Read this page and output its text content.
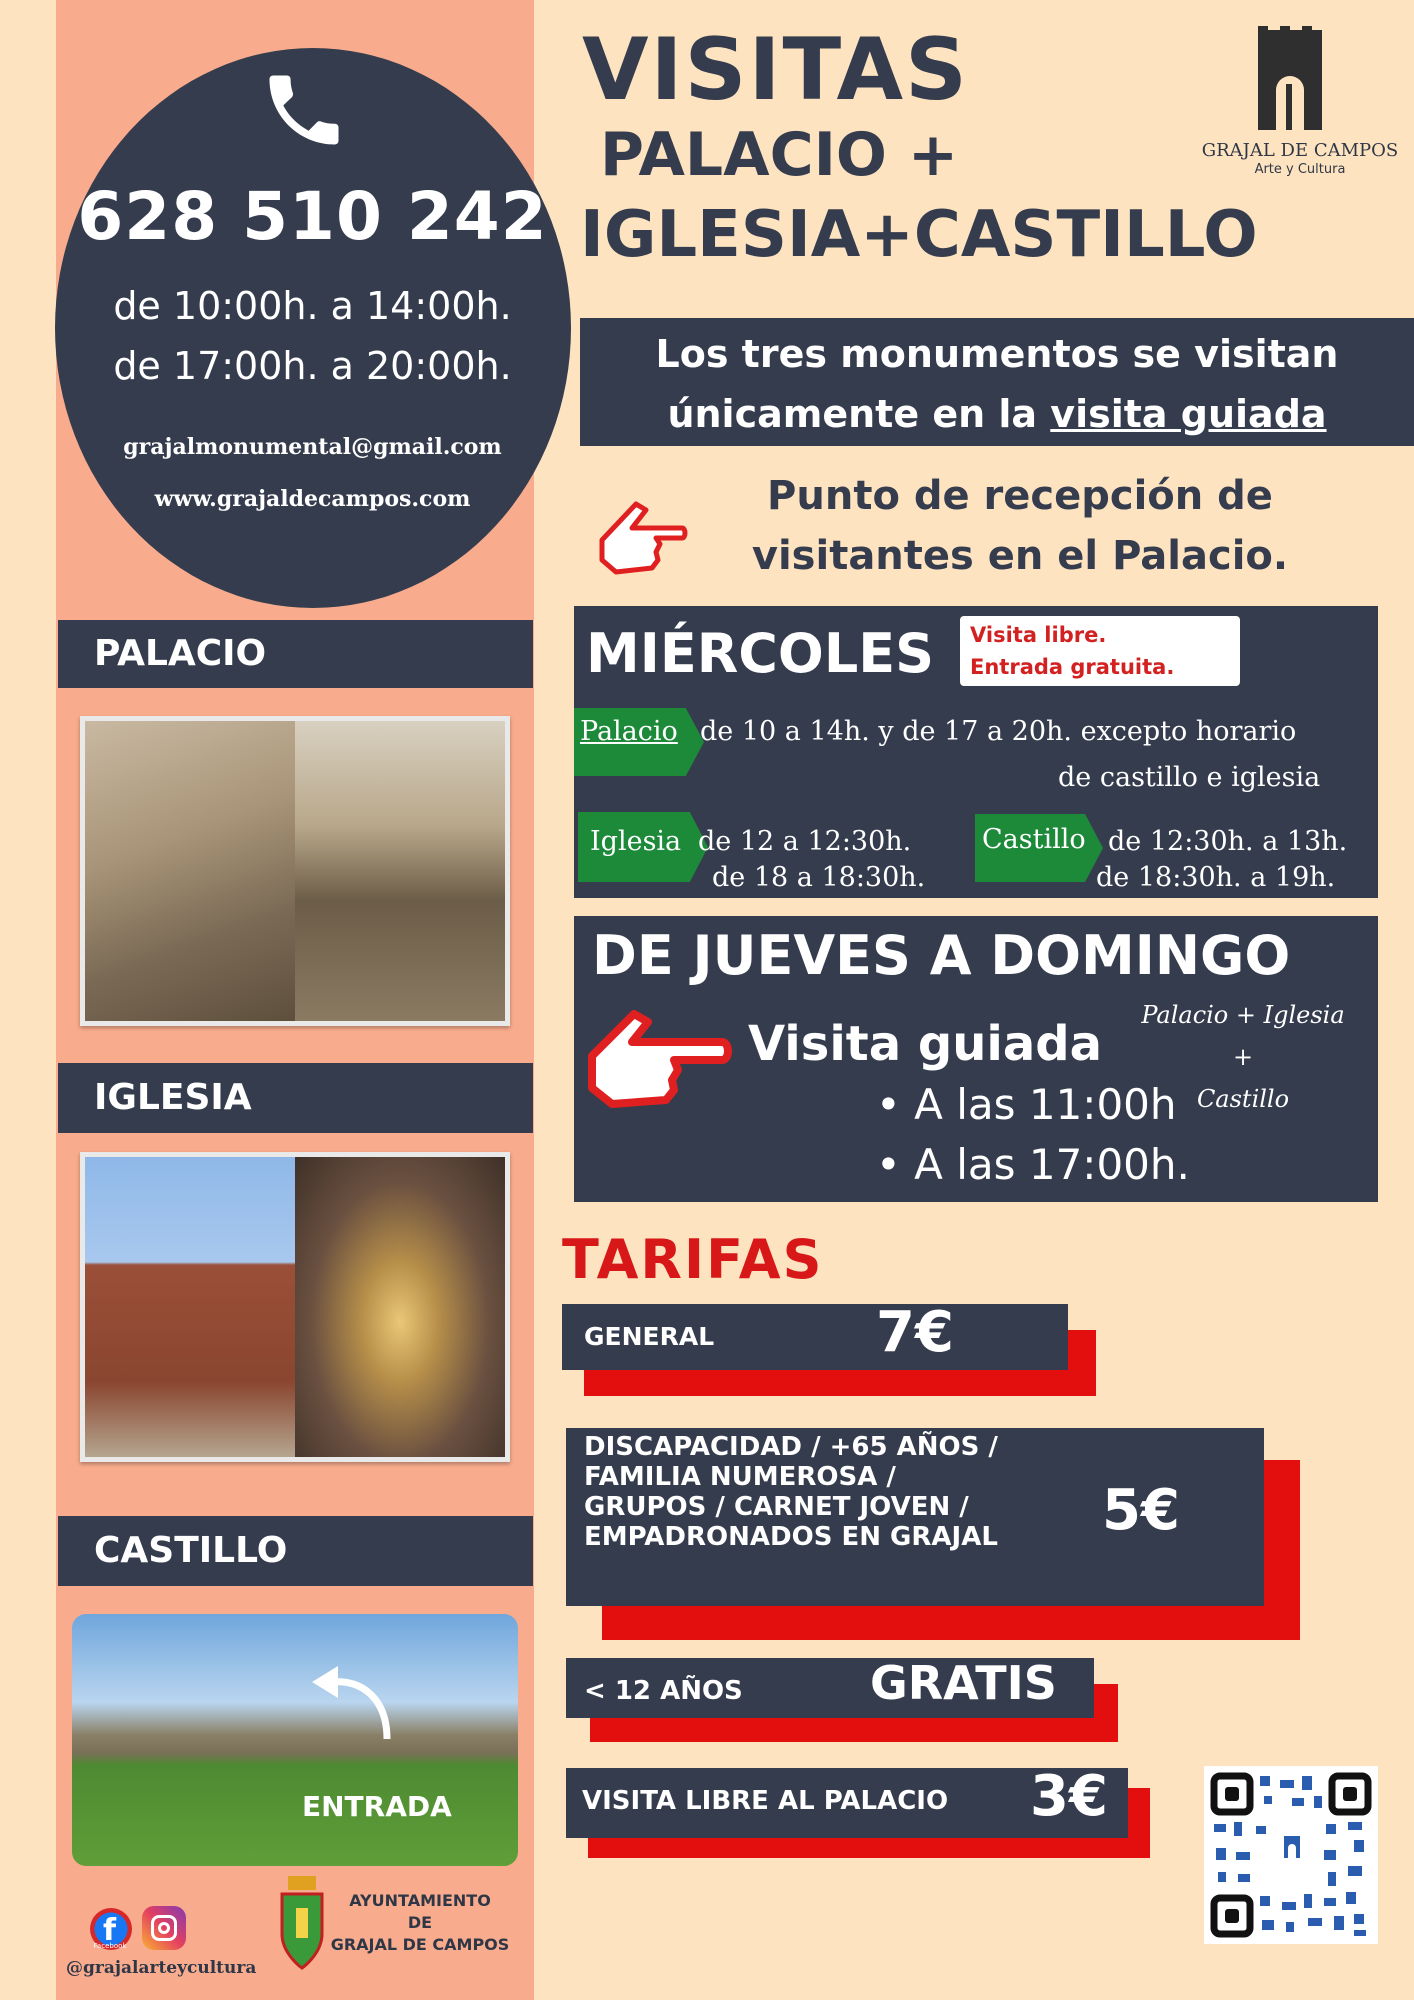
628 510 242
de 10:00h. a 14:00h.
de 17:00h. a 20:00h.
grajalmonumental@gmail.com
www.grajaldecampos.com
PALACIO
IGLESIA
CASTILLO
ENTRADA
f
Facebook
@grajalarteycultura
AYUNTAMIENTO
DE
GRAJAL DE CAMPOS
VISITAS
PALACIO +
IGLESIA+CASTILLO
GRAJAL DE CAMPOS
Arte y Cultura
Los tres monumentos se visitan
únicamente en la visita guiada
Punto de recepción de
visitantes en el Palacio.
MIÉRCOLES Visita libre.
Entrada gratuita.
Palacio de 10 a 14h. y de 17 a 20h. excepto horario
de castillo e iglesia
Iglesia de 12 a 12:30h.
de 18 a 18:30h.
Castillo de 12:30h. a 13h.
de 18:30h. a 19h.
DE JUEVES A DOMINGO
Visita guiada
Palacio + Iglesia +
Castillo
• A las 11:00h
• A las 17:00h.
TARIFAS
GENERAL	7€
DISCAPACIDAD / +65 AÑOS /
FAMILIA NUMEROSA /
GRUPOS / CARNET JOVEN /
EMPADRONADOS EN GRAJAL 5€
< 12 AÑOS	GRATIS
VISITA LIBRE AL PALACIO 3€
